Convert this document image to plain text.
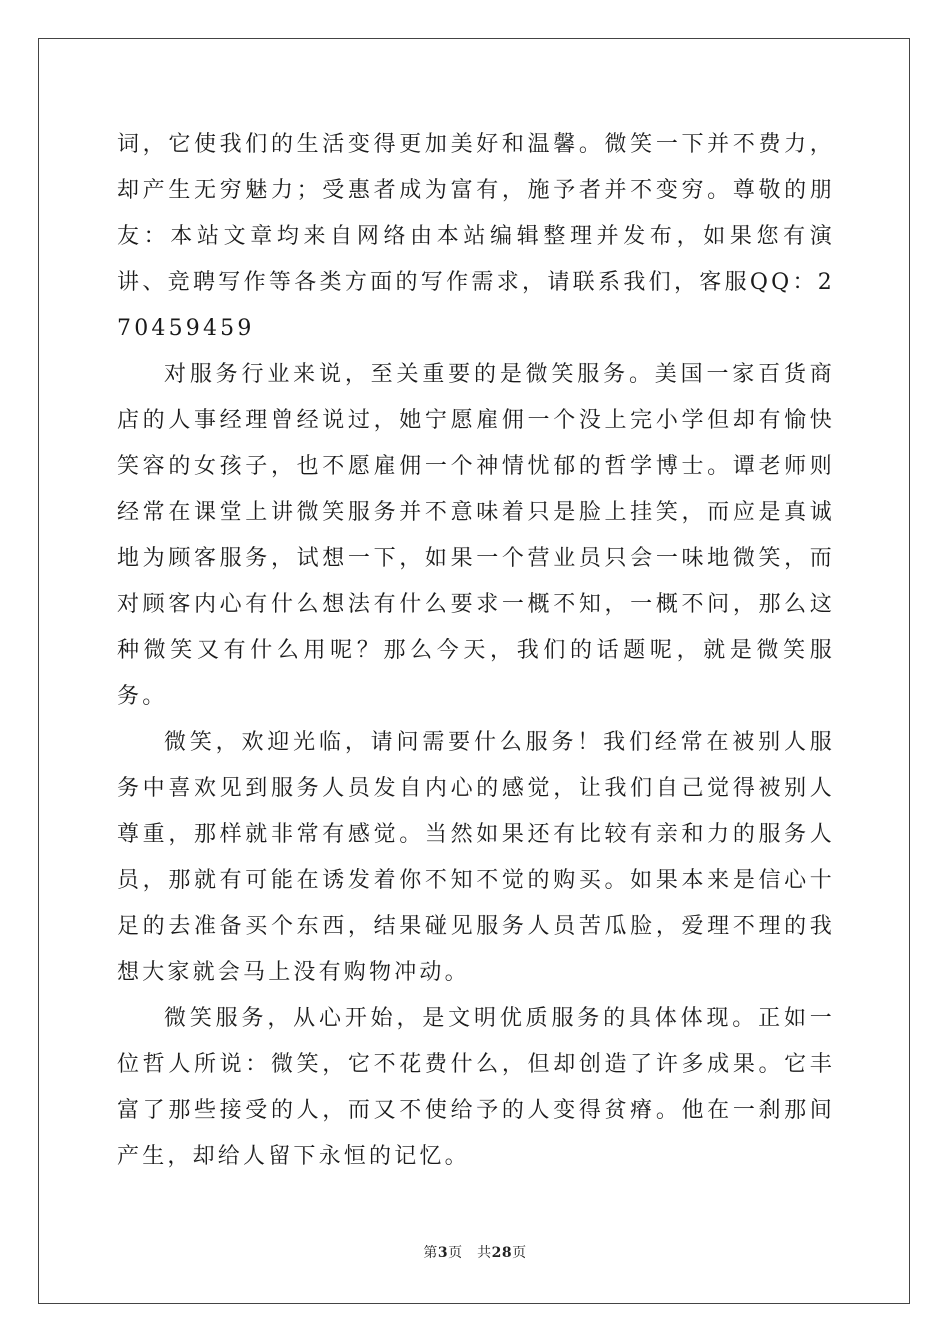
词，它使我们的生活变得更加美好和温馨。微笑一下并不费力，却产生无穷魅力；受惠者成为富有，施予者并不变穷。尊敬的朋友：本站文章均来自网络由本站编辑整理并发布，如果您有演讲、竞聘写作等各类方面的写作需求，请联系我们，客服QQ：270459459

对服务行业来说，至关重要的是微笑服务。美国一家百货商店的人事经理曾经说过，她宁愿雇佣一个没上完小学但却有愉快笑容的女孩子，也不愿雇佣一个神情忧郁的哲学博士。谭老师则经常在课堂上讲微笑服务并不意味着只是脸上挂笑，而应是真诚地为顾客服务，试想一下，如果一个营业员只会一味地微笑，而对顾客内心有什么想法有什么要求一概不知，一概不问，那么这种微笑又有什么用呢？那么今天，我们的话题呢，就是微笑服务。

微笑，欢迎光临，请问需要什么服务！我们经常在被别人服务中喜欢见到服务人员发自内心的感觉，让我们自己觉得被别人尊重，那样就非常有感觉。当然如果还有比较有亲和力的服务人员，那就有可能在诱发着你不知不觉的购买。如果本来是信心十足的去准备买个东西，结果碰见服务人员苦瓜脸，爱理不理的我想大家就会马上没有购物冲动。

微笑服务，从心开始，是文明优质服务的具体体现。正如一位哲人所说：微笑，它不花费什么，但却创造了许多成果。它丰富了那些接受的人，而又不使给予的人变得贫瘠。他在一刹那间产生，却给人留下永恒的记忆。

第3页　共28页
